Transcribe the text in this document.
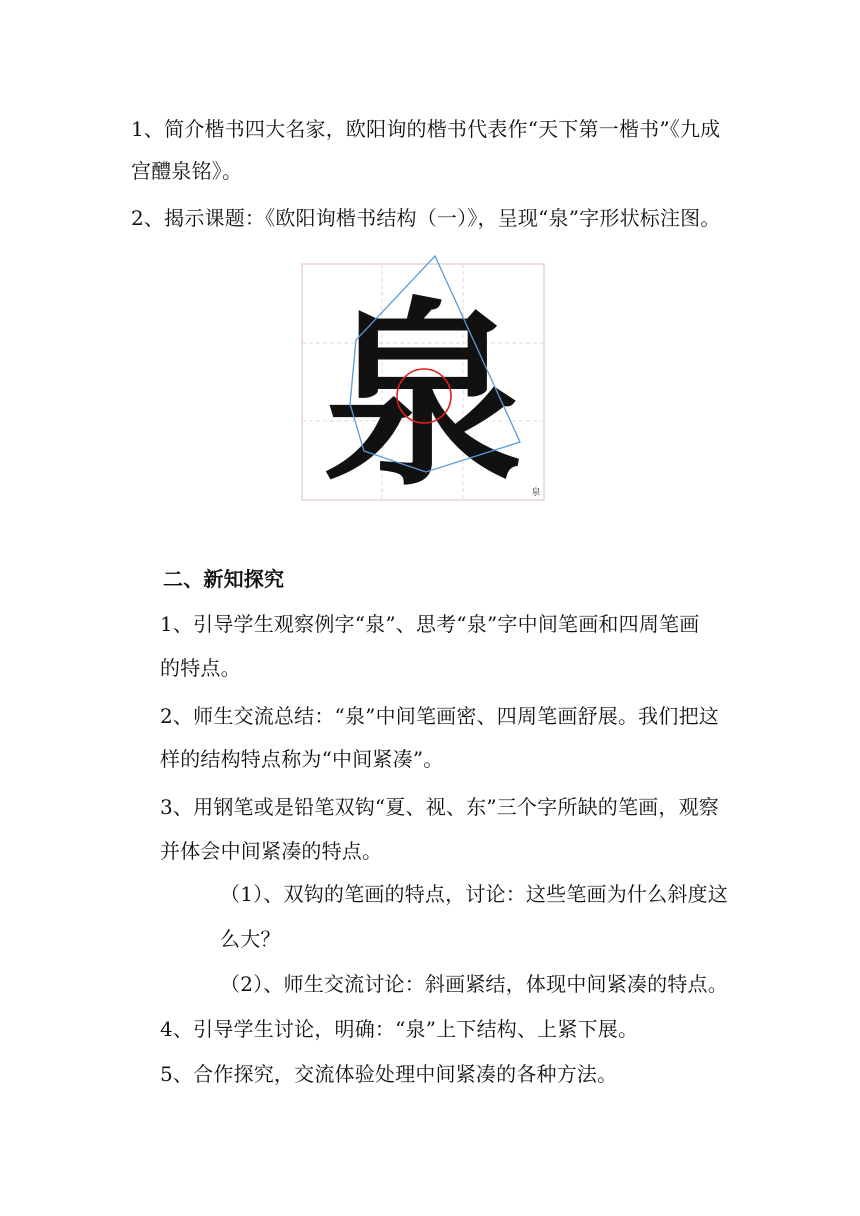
1、简介楷书四大名家，欧阳询的楷书代表作“天下第一楷书”《九成
宫醴泉铭》。
2、揭示课题：《欧阳询楷书结构（一）》，呈现“泉”字形状标注图。
泉 泉
二、新知探究
1、引导学生观察例字“泉”、思考“泉”字中间笔画和四周笔画
的特点。
2、师生交流总结：“泉”中间笔画密、四周笔画舒展。我们把这
样的结构特点称为“中间紧凑”。
3、用钢笔或是铅笔双钩“夏、视、东”三个字所缺的笔画，观察
并体会中间紧凑的特点。
（1）、双钩的笔画的特点，讨论：这些笔画为什么斜度这
么大？
（2）、师生交流讨论：斜画紧结，体现中间紧凑的特点。
4、引导学生讨论，明确：“泉”上下结构、上紧下展。
5、合作探究，交流体验处理中间紧凑的各种方法。
